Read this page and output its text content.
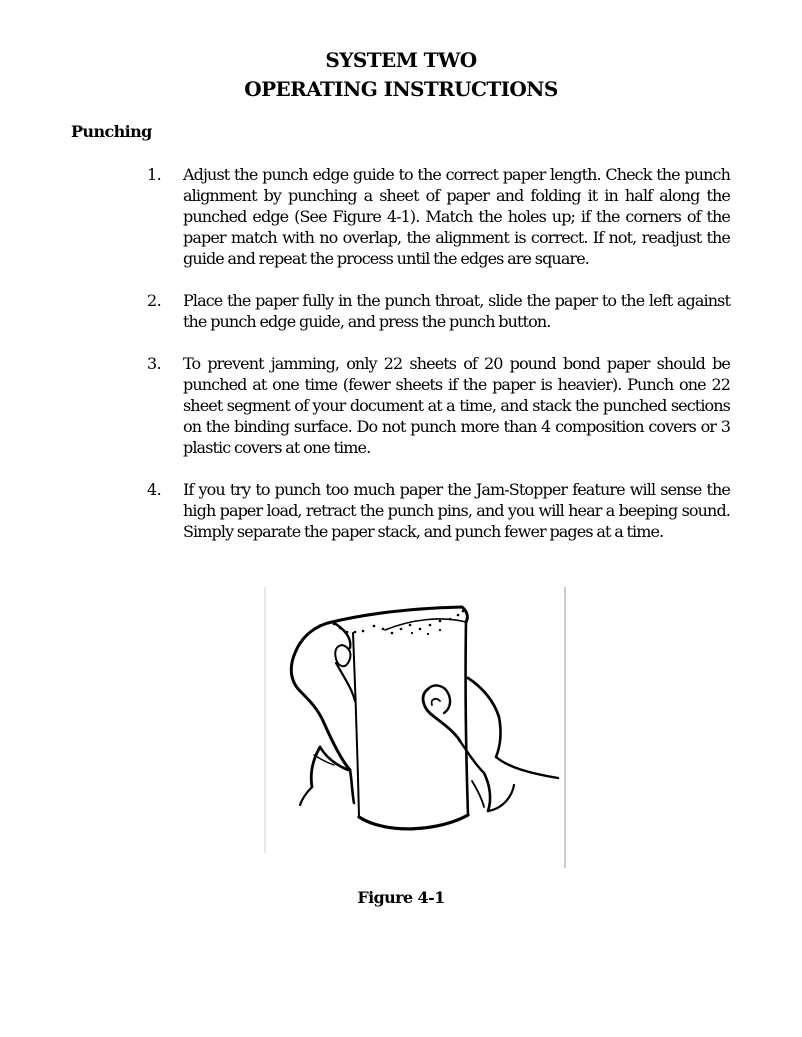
SYSTEM TWO
OPERATING INSTRUCTIONS
Punching
1. Adjust the punch edge guide to the correct paper length. Check the punch alignment by punching a sheet of paper and folding it in half along the punched edge (See Figure 4-1). Match the holes up; if the corners of the paper match with no overlap, the alignment is correct. If not, readjust the guide and repeat the process until the edges are square.
2. Place the paper fully in the punch throat, slide the paper to the left against the punch edge guide, and press the punch button.
3. To prevent jamming, only 22 sheets of 20 pound bond paper should be punched at one time (fewer sheets if the paper is heavier). Punch one 22 sheet segment of your document at a time, and stack the punched sections on the binding surface. Do not punch more than 4 composition covers or 3 plastic covers at one time.
4. If you try to punch too much paper the Jam-Stopper feature will sense the high paper load, retract the punch pins, and you will hear a beeping sound. Simply separate the paper stack, and punch fewer pages at a time.
Figure 4-1
